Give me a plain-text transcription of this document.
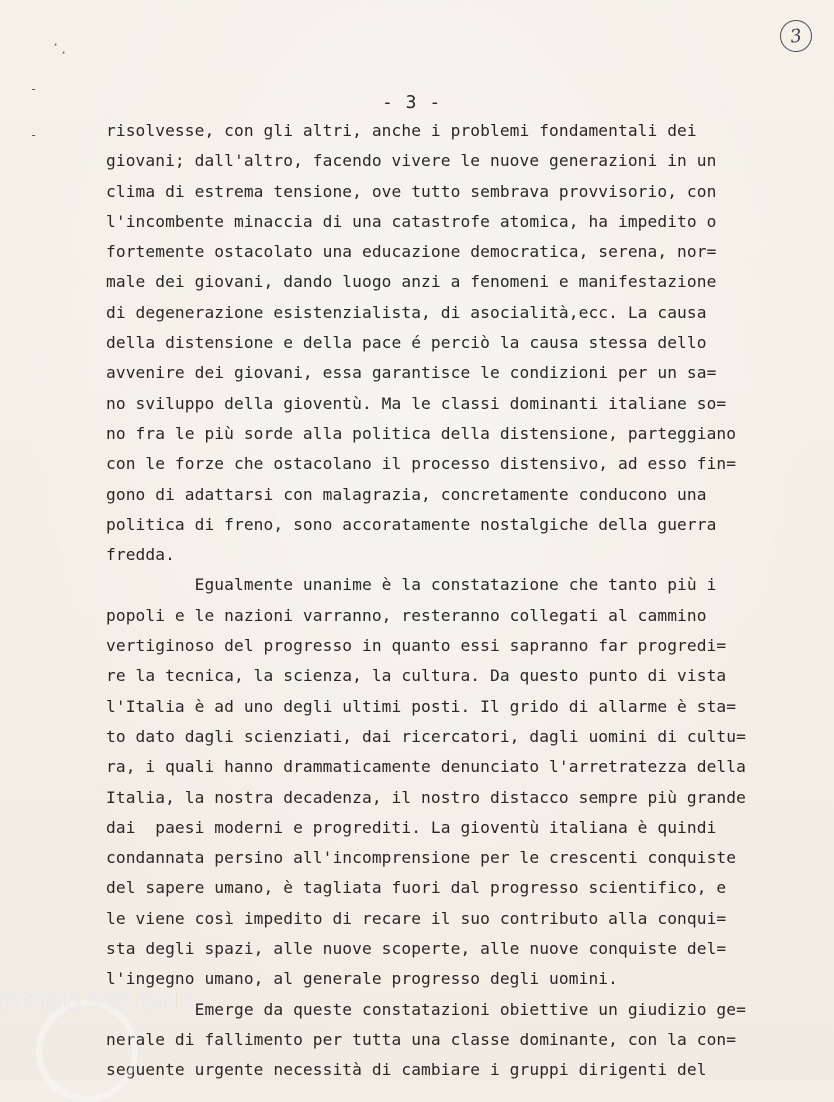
·
·
-
-
3
- 3 -
risolvesse, con gli altri, anche i problemi fondamentali dei
giovani; dall'altro, facendo vivere le nuove generazioni in un
clima di estrema tensione, ove tutto sembrava provvisorio, con
l'incombente minaccia di una catastrofe atomica, ha impedito o
fortemente ostacolato una educazione democratica, serena, nor=
male dei giovani, dando luogo anzi a fenomeni e manifestazione
di degenerazione esistenzialista, di asocialità,ecc. La causa
della distensione e della pace é perciò la causa stessa dello
avvenire dei giovani, essa garantisce le condizioni per un sa=
no sviluppo della gioventù. Ma le classi dominanti italiane so=
no fra le più sorde alla politica della distensione, parteggiano
con le forze che ostacolano il processo distensivo, ad esso fin=
gono di adattarsi con malagrazia, concretamente conducono una
politica di freno, sono accoratamente nostalgiche della guerra
fredda.
Egualmente unanime è la constatazione che tanto più i
popoli e le nazioni varranno, resteranno collegati al cammino
vertiginoso del progresso in quanto essi sapranno far progredi=
re la tecnica, la scienza, la cultura. Da questo punto di vista
l'Italia è ad uno degli ultimi posti. Il grido di allarme è sta=
to dato dagli scienziati, dai ricercatori, dagli uomini di cultu=
ra, i quali hanno drammaticamente denunciato l'arretratezza della
Italia, la nostra decadenza, il nostro distacco sempre più grande
dai  paesi moderni e progrediti. La gioventù italiana è quindi
condannata persino all'incomprensione per le crescenti conquiste
del sapere umano, è tagliata fuori dal progresso scientifico, e
le viene così impedito di recare il suo contributo alla conqui=
sta degli spazi, alle nuove scoperte, alle nuove conquiste del=
l'ingegno umano, al generale progresso degli uomini.
Emerge da queste constatazioni obiettive un giudizio ge=
nerale di fallimento per tutta una classe dominante, con la con=
seguente urgente necessità di cambiare i gruppi dirigenti del
FONDAZIONE
